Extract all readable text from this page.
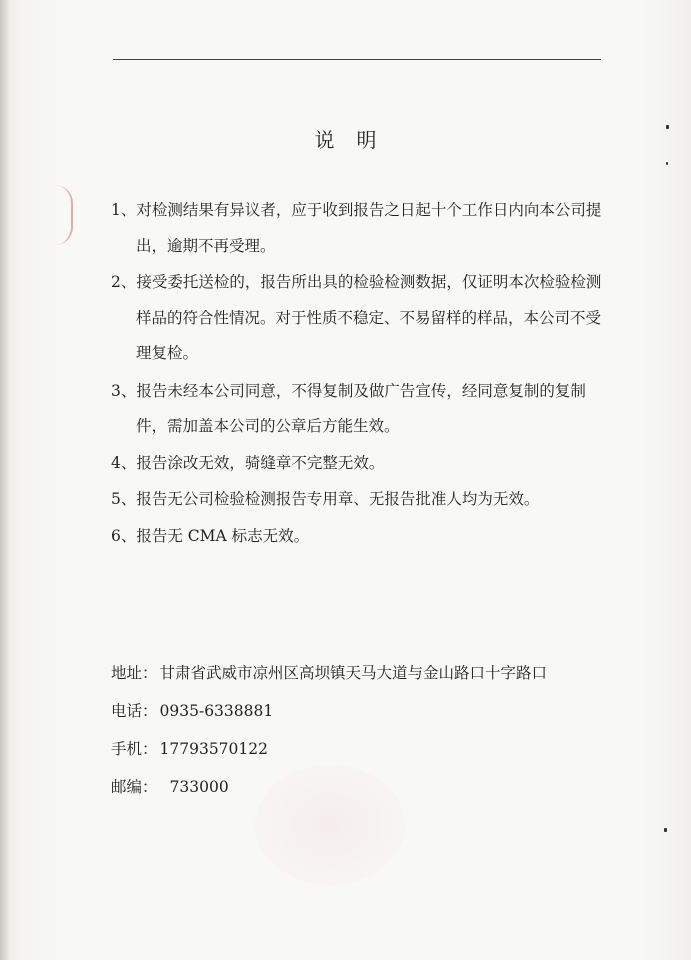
说明
1、对检测结果有异议者，应于收到报告之日起十个工作日内向本公司提出，逾期不再受理。
2、接受委托送检的，报告所出具的检验检测数据，仅证明本次检验检测样品的符合性情况。对于性质不稳定、不易留样的样品，本公司不受理复检。
3、报告未经本公司同意，不得复制及做广告宣传，经同意复制的复制件，需加盖本公司的公章后方能生效。
4、报告涂改无效，骑缝章不完整无效。
5、报告无公司检验检测报告专用章、无报告批准人均为无效。
6、报告无 CMA 标志无效。
地址： 甘肃省武威市凉州区高坝镇天马大道与金山路口十字路口
电话： 0935-6338881
手机： 17793570122
邮编： 733000
